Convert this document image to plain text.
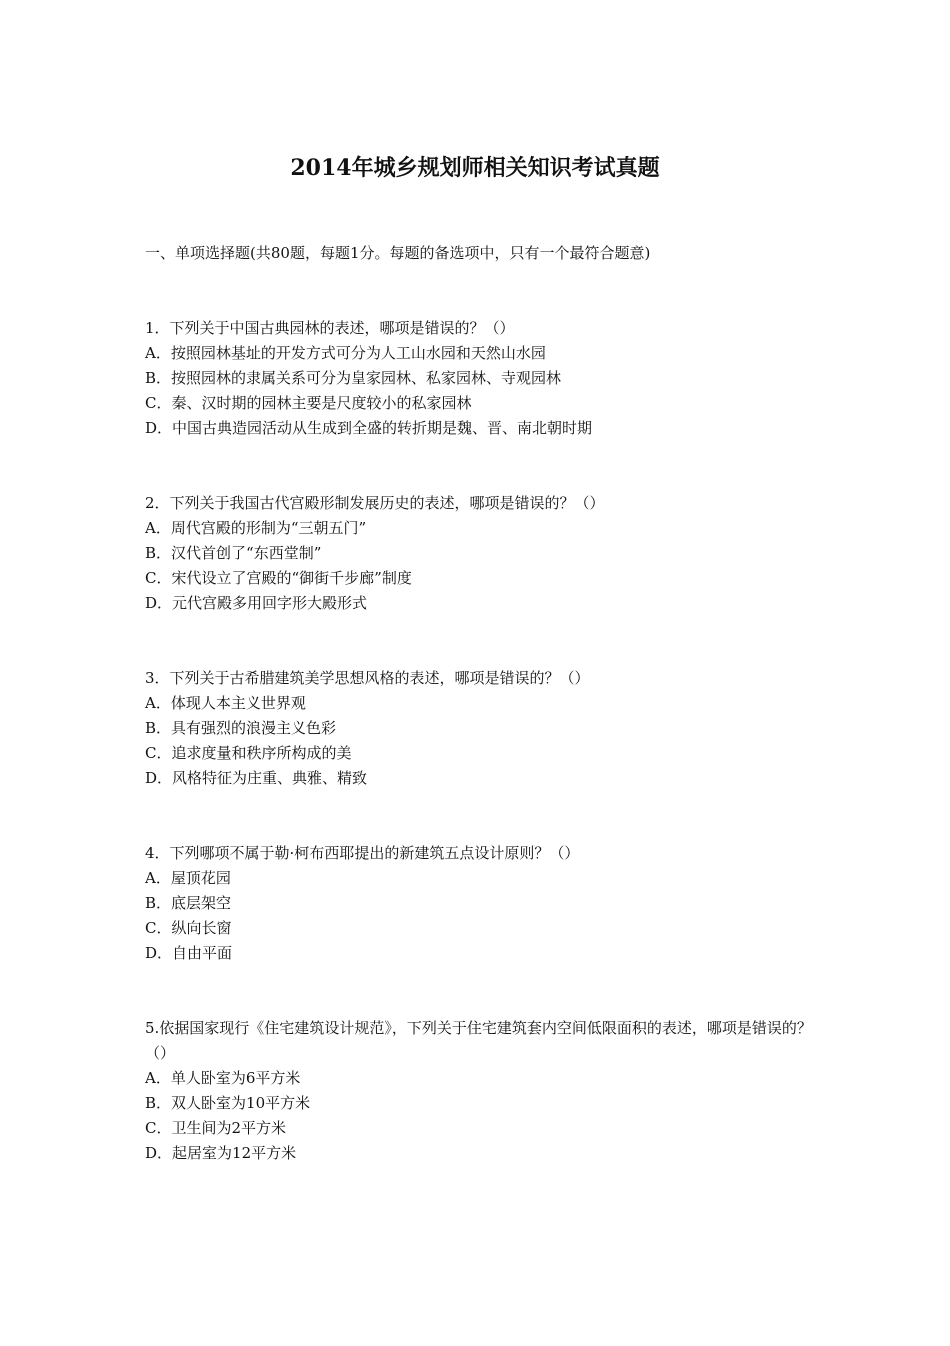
2014年城乡规划师相关知识考试真题

一、单项选择题(共80题，每题1分。每题的备选项中，只有一个最符合题意)

1．下列关于中国古典园林的表述，哪项是错误的？（）

A．按照园林基址的开发方式可分为人工山水园和天然山水园

B．按照园林的隶属关系可分为皇家园林、私家园林、寺观园林

C．秦、汉时期的园林主要是尺度较小的私家园林

D．中国古典造园活动从生成到全盛的转折期是魏、晋、南北朝时期

2．下列关于我国古代宫殿形制发展历史的表述，哪项是错误的？（）

A．周代宫殿的形制为“三朝五门”

B．汉代首创了“东西堂制”

C．宋代设立了宫殿的“御街千步廊”制度

D．元代宫殿多用回字形大殿形式

3．下列关于古希腊建筑美学思想风格的表述，哪项是错误的？（）

A．体现人本主义世界观

B．具有强烈的浪漫主义色彩

C．追求度量和秩序所构成的美

D．风格特征为庄重、典雅、精致

4．下列哪项不属于勒·柯布西耶提出的新建筑五点设计原则？（）

A．屋顶花园

B．底层架空

C．纵向长窗

D．自由平面

5.依据国家现行《住宅建筑设计规范》，下列关于住宅建筑套内空间低限面积的表述，哪项是错误的？（）

A．单人卧室为6平方米

B．双人卧室为10平方米

C．卫生间为2平方米

D．起居室为12平方米
